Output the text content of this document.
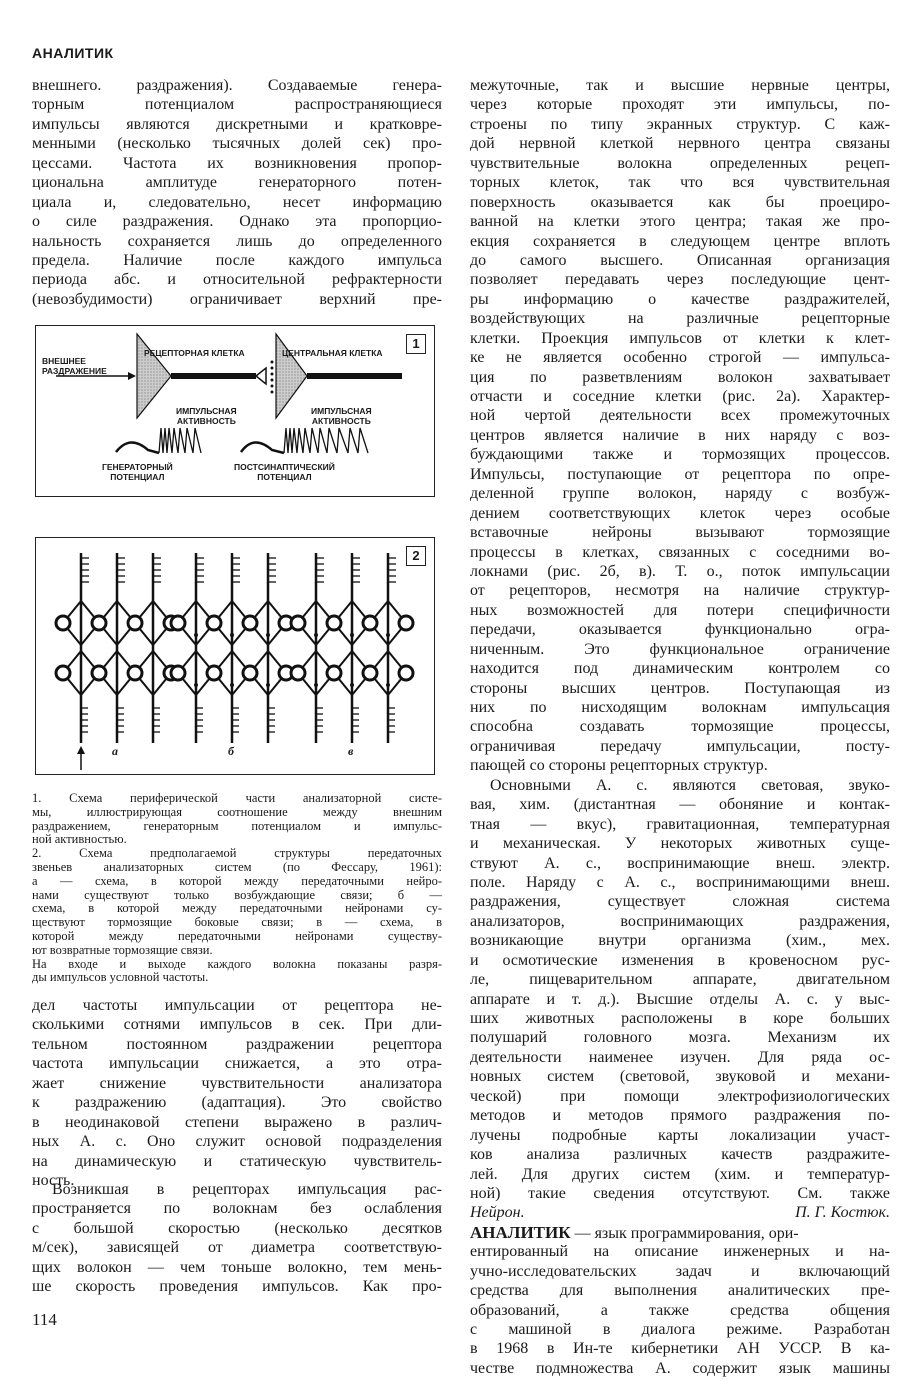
АНАЛИТИК
внешнего. раздражения). Создаваемые генера-
торным потенциалом распространяющиеся
импульсы являются дискретными и кратковре-
менными (несколько тысячных долей сек) про-
цессами. Частота их возникновения пропор-
циональна амплитуде генераторного потен-
циала и, следовательно, несет информацию
о силе раздражения. Однако эта пропорцио-
нальность сохраняется лишь до определенного
предела. Наличие после каждого импульса
периода абс. и относительной рефрактерности
(невозбудимости) ограничивает верхний пре-
1
ВНЕШНЕЕ
РАЗДРАЖЕНИЕ
РЕЦЕПТОРНАЯ КЛЕТКА	ЦЕНТРАЛЬНАЯ КЛЕТКА
ИМПУЛЬСНАЯ
АКТИВНОСТЬ
ИМПУЛЬСНАЯ
АКТИВНОСТЬ
ГЕНЕРАТОРНЫЙ
ПОТЕНЦИАЛ
ПОСТСИНАПТИЧЕСКИЙ
ПОТЕНЦИАЛ
2
а	б	в
1. Схема периферической части анализаторной систе-
мы, иллюстрирующая соотношение между внешним
раздражением, генераторным потенциалом и импульс-
ной активностью.
2. Схема предполагаемой структуры передаточных
звеньев анализаторных систем (по Фессару, 1961):
а — схема, в которой между передаточными нейро-
нами существуют только возбуждающие связи; б —
схема, в которой между передаточными нейронами су-
ществуют тормозящие боковые связи; в — схема, в
которой между передаточными нейронами существу-
ют возвратные тормозящие связи.
На входе и выходе каждого волокна показаны разря-
ды импульсов условной частоты.
дел частоты импульсации от рецептора не-
сколькими сотнями импульсов в сек. При дли-
тельном постоянном раздражении рецептора
частота импульсации снижается, а это отра-
жает снижение чувствительности анализатора
к раздражению (адаптация). Это свойство
в неодинаковой степени выражено в различ-
ных А. с. Оно служит основой подразделения
на динамическую и статическую чувствитель-
ность.
Возникшая в рецепторах импульсация рас-
пространяется по волокнам без ослабления
с большой скоростью (несколько десятков
м/сек), зависящей от диаметра соответствую-
щих волокон — чем тоньше волокно, тем мень-
ше скорость проведения импульсов. Как про-
114
межуточные, так и высшие нервные центры,
через которые проходят эти импульсы, по-
строены по типу экранных структур. С каж-
дой нервной клеткой нервного центра связаны
чувствительные волокна определенных рецеп-
торных клеток, так что вся чувствительная
поверхность оказывается как бы проециро-
ванной на клетки этого центра; такая же про-
екция сохраняется в следующем центре вплоть
до самого высшего. Описанная организация
позволяет передавать через последующие цент-
ры информацию о качестве раздражителей,
воздействующих на различные рецепторные
клетки. Проекция импульсов от клетки к клет-
ке не является особенно строгой — импульса-
ция по разветвлениям волокон захватывает
отчасти и соседние клетки (рис. 2а). Характер-
ной чертой деятельности всех промежуточных
центров является наличие в них наряду с воз-
буждающими также и тормозящих процессов.
Импульсы, поступающие от рецептора по опре-
деленной группе волокон, наряду с возбуж-
дением соответствующих клеток через особые
вставочные нейроны вызывают тормозящие
процессы в клетках, связанных с соседними во-
локнами (рис. 2б, в). Т. о., поток импульсации
от рецепторов, несмотря на наличие структур-
ных возможностей для потери специфичности
передачи, оказывается функционально огра-
ниченным. Это функциональное ограничение
находится под динамическим контролем со
стороны высших центров. Поступающая из
них по нисходящим волокнам импульсация
способна создавать тормозящие процессы,
ограничивая передачу импульсации, посту-
пающей со стороны рецепторных структур.
Основными А. с. являются световая, звуко-
вая, хим. (дистантная — обоняние и контак-
тная — вкус), гравитационная, температурная
и механическая. У некоторых животных суще-
ствуют А. с., воспринимающие внеш. электр.
поле. Наряду с А. с., воспринимающими внеш.
раздражения, существует сложная система
анализаторов, воспринимающих раздражения,
возникающие внутри организма (хим., мех.
и осмотические изменения в кровеносном рус-
ле, пищеварительном аппарате, двигательном
аппарате и т. д.). Высшие отделы А. с. у выс-
ших животных расположены в коре больших
полушарий головного мозга. Механизм их
деятельности наименее изучен. Для ряда ос-
новных систем (световой, звуковой и механи-
ческой) при помощи электрофизиологических
методов и методов прямого раздражения по-
лучены подробные карты локализации участ-
ков анализа различных качеств раздражите-
лей. Для других систем (хим. и температур-
ной) такие сведения отсутствуют. См. также
Нейрон.	П. Г. Костюк.
АНАЛИТИК — язык программирования, ори-
ентированный на описание инженерных и на-
учно-исследовательских задач и включающий
средства для выполнения аналитических пре-
образований, а также средства общения
с машиной в диалога режиме. Разработан
в 1968 в Ин-те кибернетики АН УССР. В ка-
честве подмножества А. содержит язык машины
